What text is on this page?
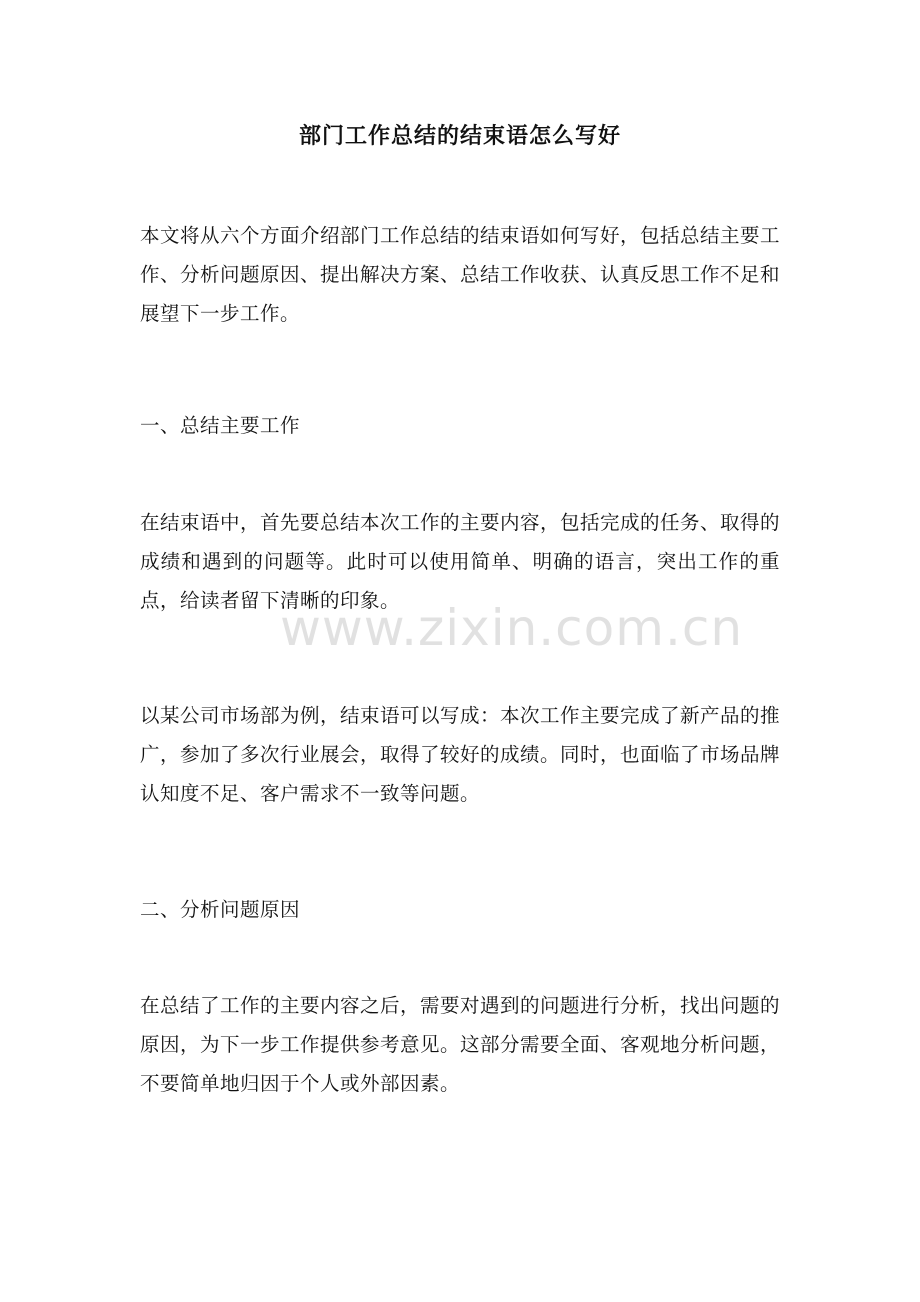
部门工作总结的结束语怎么写好

本文将从六个方面介绍部门工作总结的结束语如何写好，包括总结主要工作、分析问题原因、提出解决方案、总结工作收获、认真反思工作不足和展望下一步工作。

一、总结主要工作

在结束语中，首先要总结本次工作的主要内容，包括完成的任务、取得的成绩和遇到的问题等。此时可以使用简单、明确的语言，突出工作的重点，给读者留下清晰的印象。

以某公司市场部为例，结束语可以写成：本次工作主要完成了新产品的推广，参加了多次行业展会，取得了较好的成绩。同时，也面临了市场品牌认知度不足、客户需求不一致等问题。

二、分析问题原因

在总结了工作的主要内容之后，需要对遇到的问题进行分析，找出问题的原因，为下一步工作提供参考意见。这部分需要全面、客观地分析问题，不要简单地归因于个人或外部因素。

www.zixin.com.cn
